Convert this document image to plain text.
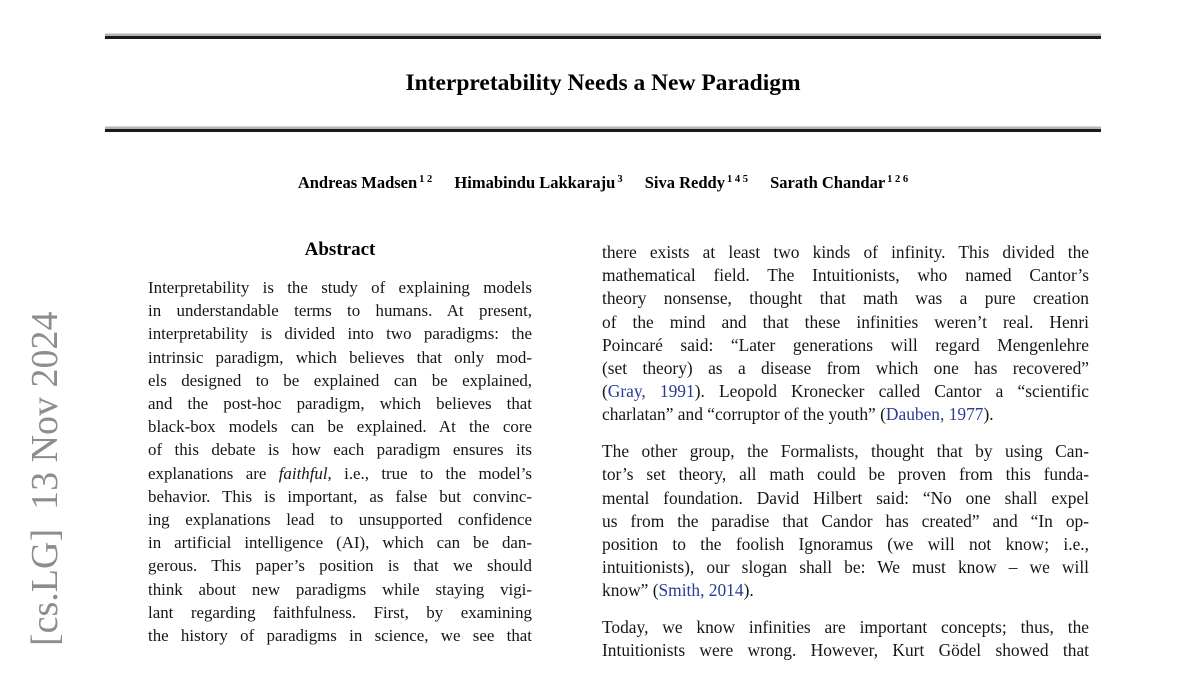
[cs.LG]  13 Nov 2024
Interpretability Needs a New Paradigm
Andreas Madsen $^{1 2}$ Himabindu Lakkaraju $^3$ Siva Reddy $^{1 4 5}$ Sarath Chandar $^{1 2 6}$
Abstract
Interpretability is the study of explaining models
in understandable terms to humans. At present,
interpretability is divided into two paradigms: the
intrinsic paradigm, which believes that only mod-
els designed to be explained can be explained,
and the post-hoc paradigm, which believes that
black-box models can be explained. At the core
of this debate is how each paradigm ensures its
explanations are faithful, i.e., true to the model’s
behavior. This is important, as false but convinc-
ing explanations lead to unsupported confidence
in artificial intelligence (AI), which can be dan-
gerous. This paper’s position is that we should
think about new paradigms while staying vigi-
lant regarding faithfulness. First, by examining
the history of paradigms in science, we see that
there exists at least two kinds of infinity. This divided the
mathematical field. The Intuitionists, who named Cantor’s
theory nonsense, thought that math was a pure creation
of the mind and that these infinities weren’t real. Henri
Poincaré said: “Later generations will regard Mengenlehre
(set theory) as a disease from which one has recovered”
(Gray, 1991). Leopold Kronecker called Cantor a “scientific
charlatan” and “corruptor of the youth” (Dauben, 1977).
The other group, the Formalists, thought that by using Can-
tor’s set theory, all math could be proven from this funda-
mental foundation. David Hilbert said: “No one shall expel
us from the paradise that Candor has created” and “In op-
position to the foolish Ignoramus (we will not know; i.e.,
intuitionists), our slogan shall be: We must know – we will
know” (Smith, 2014).
Today, we know infinities are important concepts; thus, the
Intuitionists were wrong. However, Kurt Gödel showed that
